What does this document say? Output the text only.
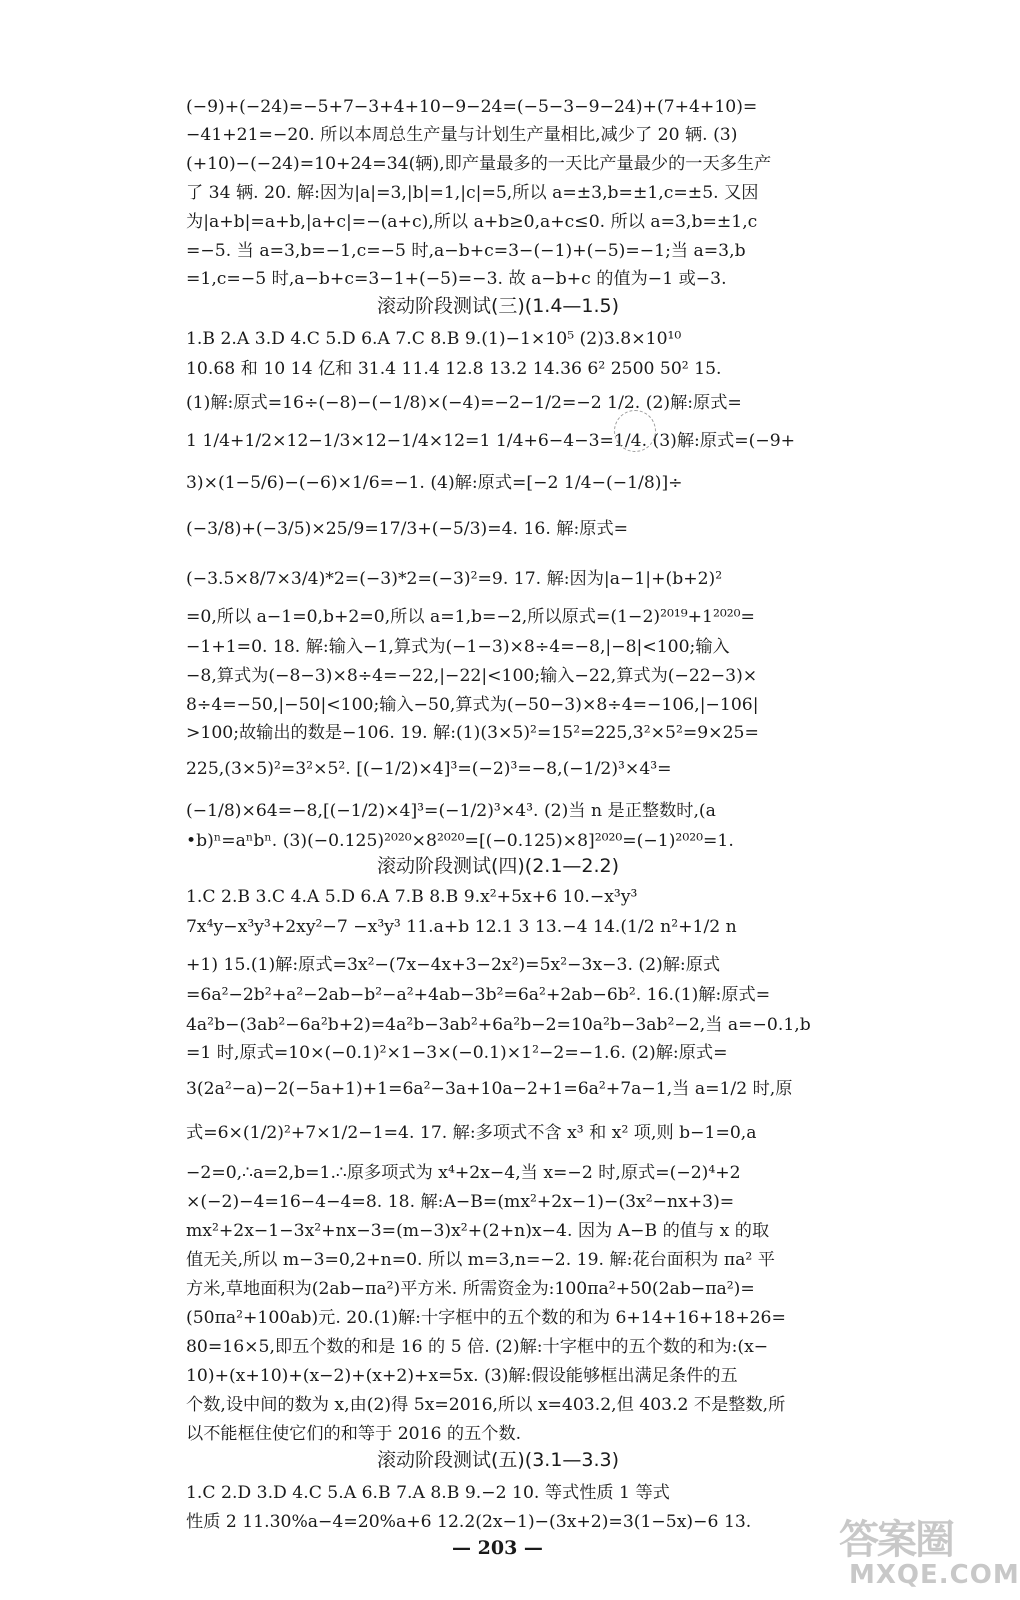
(−9)+(−24)=−5+7−3+4+10−9−24=(−5−3−9−24)+(7+4+10)=
−41+21=−20. 所以本周总生产量与计划生产量相比,减少了 20 辆. (3)
(+10)−(−24)=10+24=34(辆),即产量最多的一天比产量最少的一天多生产
了 34 辆. 20. 解:因为|a|=3,|b|=1,|c|=5,所以 a=±3,b=±1,c=±5. 又因
为|a+b|=a+b,|a+c|=−(a+c),所以 a+b≥0,a+c≤0. 所以 a=3,b=±1,c
=−5. 当 a=3,b=−1,c=−5 时,a−b+c=3−(−1)+(−5)=−1;当 a=3,b
=1,c=−5 时,a−b+c=3−1+(−5)=−3. 故 a−b+c 的值为−1 或−3.
滚动阶段测试(三)(1.4—1.5)
1.B 2.A 3.D 4.C 5.D 6.A 7.C 8.B 9.(1)−1×10⁵ (2)3.8×10¹⁰
10.68 和 10 14 亿和 31.4 11.4 12.8 13.2 14.36 6² 2500 50² 15.
(1)解:原式=16÷(−8)−(−1/8)×(−4)=−2−1/2=−2 1/2. (2)解:原式=
1 1/4+1/2×12−1/3×12−1/4×12=1 1/4+6−4−3=1/4. (3)解:原式=(−9+
3)×(1−5/6)−(−6)×1/6=−1. (4)解:原式=[−2 1/4−(−1/8)]÷
(−3/8)+(−3/5)×25/9=17/3+(−5/3)=4. 16. 解:原式=
(−3.5×8/7×3/4)*2=(−3)*2=(−3)²=9. 17. 解:因为|a−1|+(b+2)²
=0,所以 a−1=0,b+2=0,所以 a=1,b=−2,所以原式=(1−2)²⁰¹⁹+1²⁰²⁰=
−1+1=0. 18. 解:输入−1,算式为(−1−3)×8÷4=−8,|−8|<100;输入
−8,算式为(−8−3)×8÷4=−22,|−22|<100;输入−22,算式为(−22−3)×
8÷4=−50,|−50|<100;输入−50,算式为(−50−3)×8÷4=−106,|−106|
>100;故输出的数是−106. 19. 解:(1)(3×5)²=15²=225,3²×5²=9×25=
225,(3×5)²=3²×5². [(−1/2)×4]³=(−2)³=−8,(−1/2)³×4³=
(−1/8)×64=−8,[(−1/2)×4]³=(−1/2)³×4³. (2)当 n 是正整数时,(a
•b)ⁿ=aⁿbⁿ. (3)(−0.125)²⁰²⁰×8²⁰²⁰=[(−0.125)×8]²⁰²⁰=(−1)²⁰²⁰=1.
滚动阶段测试(四)(2.1—2.2)
1.C 2.B 3.C 4.A 5.D 6.A 7.B 8.B 9.x²+5x+6 10.−x³y³
7x⁴y−x³y³+2xy²−7 −x³y³ 11.a+b 12.1 3 13.−4 14.(1/2 n²+1/2 n
+1) 15.(1)解:原式=3x²−(7x−4x+3−2x²)=5x²−3x−3. (2)解:原式
=6a²−2b²+a²−2ab−b²−a²+4ab−3b²=6a²+2ab−6b². 16.(1)解:原式=
4a²b−(3ab²−6a²b+2)=4a²b−3ab²+6a²b−2=10a²b−3ab²−2,当 a=−0.1,b
=1 时,原式=10×(−0.1)²×1−3×(−0.1)×1²−2=−1.6. (2)解:原式=
3(2a²−a)−2(−5a+1)+1=6a²−3a+10a−2+1=6a²+7a−1,当 a=1/2 时,原
式=6×(1/2)²+7×1/2−1=4. 17. 解:多项式不含 x³ 和 x² 项,则 b−1=0,a
−2=0,∴a=2,b=1.∴原多项式为 x⁴+2x−4,当 x=−2 时,原式=(−2)⁴+2
×(−2)−4=16−4−4=8. 18. 解:A−B=(mx²+2x−1)−(3x²−nx+3)=
mx²+2x−1−3x²+nx−3=(m−3)x²+(2+n)x−4. 因为 A−B 的值与 x 的取
值无关,所以 m−3=0,2+n=0. 所以 m=3,n=−2. 19. 解:花台面积为 πa² 平
方米,草地面积为(2ab−πa²)平方米. 所需资金为:100πa²+50(2ab−πa²)=
(50πa²+100ab)元. 20.(1)解:十字框中的五个数的和为 6+14+16+18+26=
80=16×5,即五个数的和是 16 的 5 倍. (2)解:十字框中的五个数的和为:(x−
10)+(x+10)+(x−2)+(x+2)+x=5x. (3)解:假设能够框出满足条件的五
个数,设中间的数为 x,由(2)得 5x=2016,所以 x=403.2,但 403.2 不是整数,所
以不能框住使它们的和等于 2016 的五个数.
滚动阶段测试(五)(3.1—3.3)
1.C 2.D 3.D 4.C 5.A 6.B 7.A 8.B 9.−2 10. 等式性质 1 等式
性质 2 11.30%a−4=20%a+6 12.2(2x−1)−(3x+2)=3(1−5x)−6 13.
— 203 —	答案圈
MXQE.COM
